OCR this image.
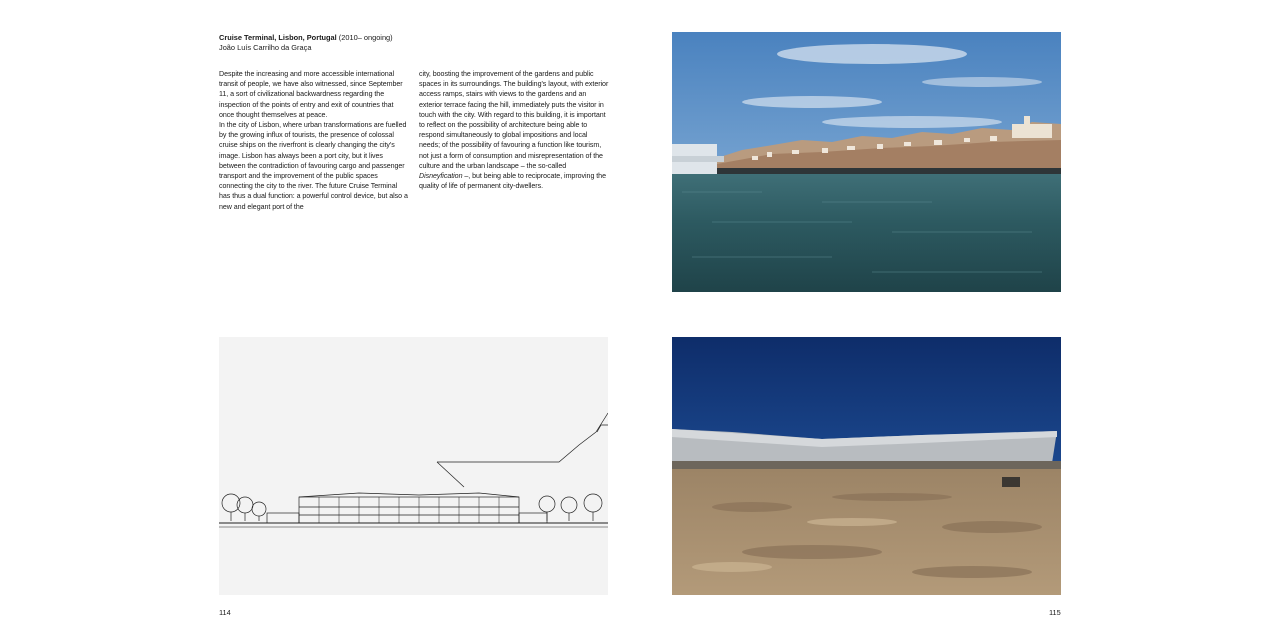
Cruise Terminal, Lisbon, Portugal (2010– ongoing)
João Luís Carrilho da Graça

Despite the increasing and more accessible international transit of people, we have also witnessed, since September 11, a sort of civilizational backwardness regarding the inspection of the points of entry and exit of countries that once thought themselves at peace.

In the city of Lisbon, where urban transformations are fuelled by the growing influx of tourists, the presence of colossal cruise ships on the riverfront is clearly changing the city's image. Lisbon has always been a port city, but it lives between the contradiction of favouring cargo and passenger transport and the improvement of the public spaces connecting the city to the river. The future Cruise Terminal has thus a dual function: a powerful control device, but also a new and elegant port of the

city, boosting the improvement of the gardens and public spaces in its surroundings. The building's layout, with exterior access ramps, stairs with views to the gardens and an exterior terrace facing the hill, immediately puts the visitor in touch with the city. With regard to this building, it is important to reflect on the possibility of architecture being able to respond simultaneously to global impositions and local needs; of the possibility of favouring a function like tourism, not just a form of consumption and misrepresentation of the culture and the urban landscape – the so-called Disneyfication –, but being able to reciprocate, improving the quality of life of permanent city-dwellers.

114	115
